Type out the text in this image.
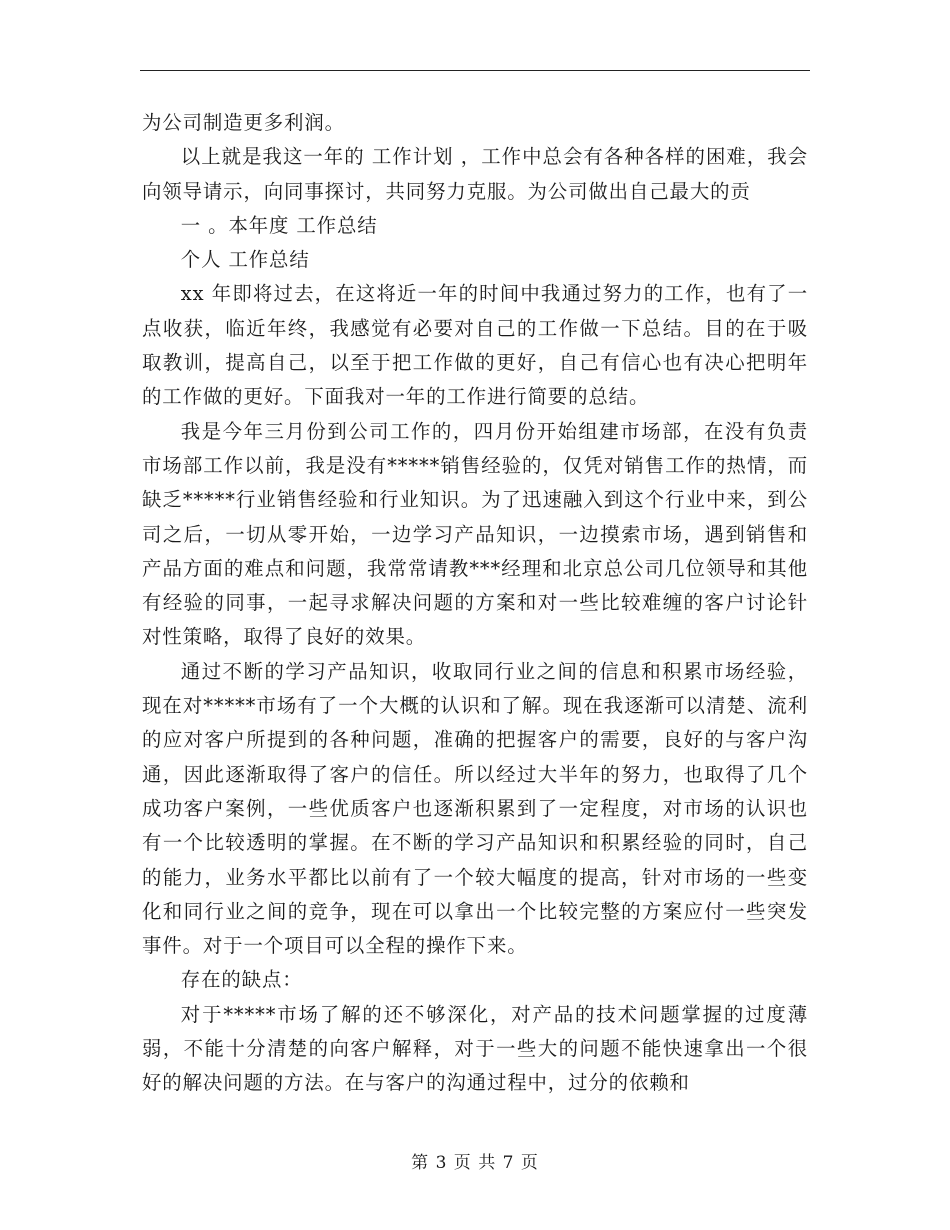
为公司制造更多利润。

以上就是我这一年的 工作计划 ，工作中总会有各种各样的困难，我会向领导请示，向同事探讨，共同努力克服。为公司做出自己最大的贡

一 。本年度 工作总结

个人 工作总结

xx 年即将过去，在这将近一年的时间中我通过努力的工作，也有了一点收获，临近年终，我感觉有必要对自己的工作做一下总结。目的在于吸取教训，提高自己，以至于把工作做的更好，自己有信心也有决心把明年的工作做的更好。下面我对一年的工作进行简要的总结。

我是今年三月份到公司工作的，四月份开始组建市场部，在没有负责市场部工作以前，我是没有*****销售经验的，仅凭对销售工作的热情，而缺乏*****行业销售经验和行业知识。为了迅速融入到这个行业中来，到公司之后，一切从零开始，一边学习产品知识，一边摸索市场，遇到销售和产品方面的难点和问题，我常常请教***经理和北京总公司几位领导和其他有经验的同事，一起寻求解决问题的方案和对一些比较难缠的客户讨论针对性策略，取得了良好的效果。

通过不断的学习产品知识，收取同行业之间的信息和积累市场经验，现在对*****市场有了一个大概的认识和了解。现在我逐渐可以清楚、流利的应对客户所提到的各种问题，准确的把握客户的需要，良好的与客户沟通，因此逐渐取得了客户的信任。所以经过大半年的努力，也取得了几个成功客户案例，一些优质客户也逐渐积累到了一定程度，对市场的认识也有一个比较透明的掌握。在不断的学习产品知识和积累经验的同时，自己的能力，业务水平都比以前有了一个较大幅度的提高，针对市场的一些变化和同行业之间的竞争，现在可以拿出一个比较完整的方案应付一些突发事件。对于一个项目可以全程的操作下来。

存在的缺点：

对于*****市场了解的还不够深化，对产品的技术问题掌握的过度薄弱，不能十分清楚的向客户解释，对于一些大的问题不能快速拿出一个很好的解决问题的方法。在与客户的沟通过程中，过分的依赖和

第 3 页 共 7 页
